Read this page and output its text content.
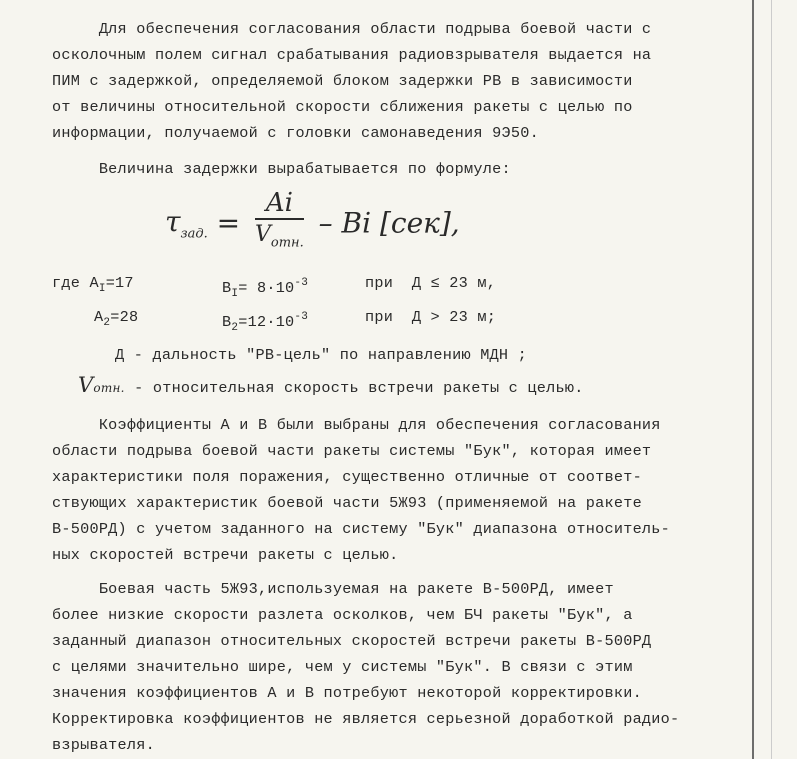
Для обеспечения согласования области подрыва боевой части с
осколочным полем сигнал срабатывания радиовзрывателя выдается на
ПИМ с задержкой, определяемой блоком задержки РВ в зависимости
от величины относительной скорости сближения ракеты с целью по
информации, получаемой с головки самонаведения 9Э50.
Величина задержки вырабатывается по формуле:
$\tau_{зад.} = \frac{Ai}{V_{отн.}} - Bi$ [сек],
где $A_I=17$	$B_I= 8\cdot 10^{-3}$	при  Д ≤ 23 м,
$A_2=28$	$B_2=12\cdot 10^{-3}$	при  Д > 23 м;
Д - дальность "РВ-цель" по направлению МДН ;
Vотн. - относительная скорость встречи ракеты с целью.
Коэффициенты А и В были выбраны для обеспечения согласования
области подрыва боевой части ракеты системы "Бук", которая имеет
характеристики поля поражения, существенно отличные от соответ-
ствующих характеристик боевой части 5Ж93 (применяемой на ракете
В-500РД) с учетом заданного на систему "Бук" диапазона относитель-
ных скоростей встречи ракеты с целью.
Боевая часть 5Ж93,используемая на ракете В-500РД, имеет
более низкие скорости разлета осколков, чем БЧ ракеты "Бук", а
заданный диапазон относительных скоростей встречи ракеты В-500РД
с целями значительно шире, чем у системы "Бук". В связи с этим
значения коэффициентов А и В потребуют некоторой корректировки.
Корректировка коэффициентов не является серьезной доработкой радио-
взрывателя.
